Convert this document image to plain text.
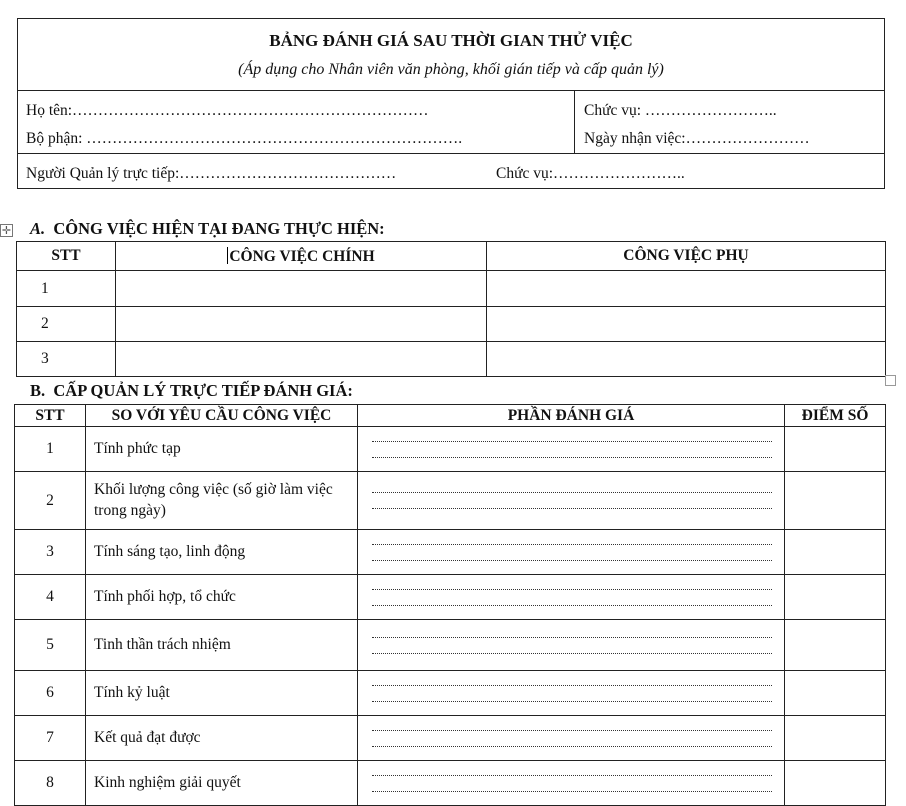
BẢNG ĐÁNH GIÁ SAU THỜI GIAN THỬ VIỆC
(Áp dụng cho Nhân viên văn phòng, khối gián tiếp và cấp quản lý)
Họ tên:……………………………………………………………	Chức vụ: ……………………..
Bộ phận: ……………………………………………………………….	Ngày nhận việc:……………………
Người Quản lý trực tiếp:……………………………………	Chức vụ:……………………..
✛ A. CÔNG VIỆC HIỆN TẠI ĐANG THỰC HIỆN:
STT	CÔNG VIỆC CHÍNH	CÔNG VIỆC PHỤ
1		
2		
3		
B. CẤP QUẢN LÝ TRỰC TIẾP ĐÁNH GIÁ:
STT	SO VỚI YÊU CẦU CÔNG VIỆC	PHẦN ĐÁNH GIÁ	ĐIỂM SỐ
1	Tính phức tạp	

2	Khối lượng công việc (số giờ làm việc trong ngày)	

3	Tính sáng tạo, linh động	

4	Tính phối hợp, tổ chức	

5	Tinh thần trách nhiệm	

6	Tính kỷ luật	

7	Kết quả đạt được	

8	Kinh nghiệm giải quyết	
